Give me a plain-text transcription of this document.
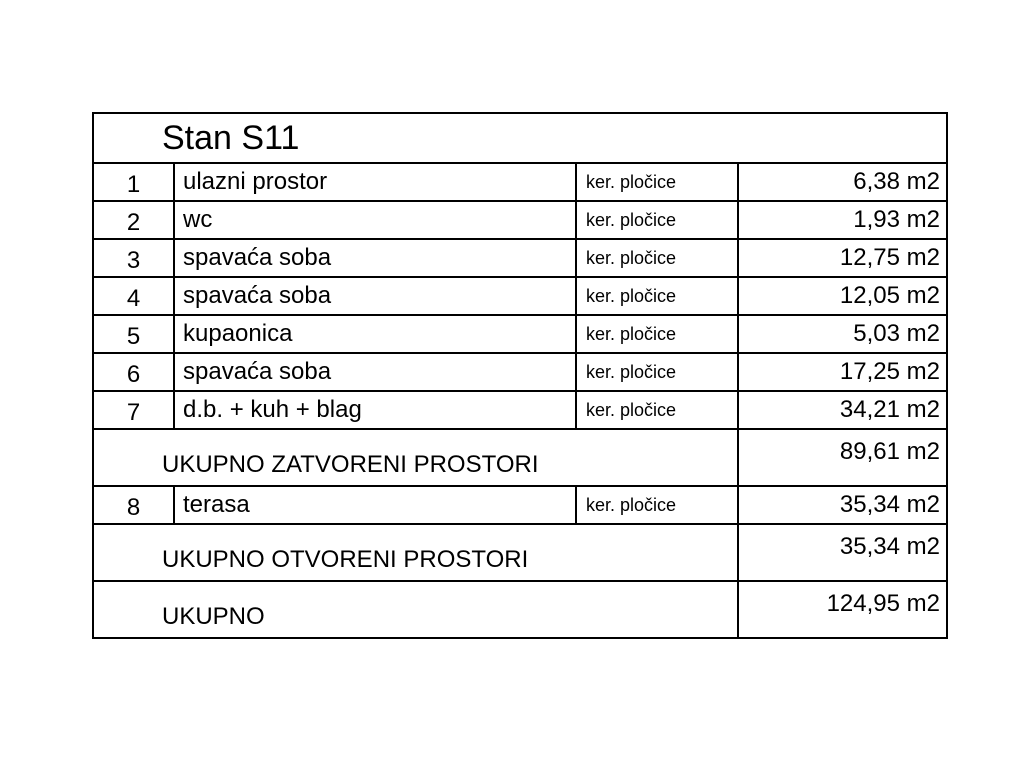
Stan S11			
1	ulazni prostor	ker. pločice	6,38 m2
2	wc	ker. pločice	1,93 m2
3	spavaća soba	ker. pločice	12,75 m2
4	spavaća soba	ker. pločice	12,05 m2
5	kupaonica	ker. pločice	5,03 m2
6	spavaća soba	ker. pločice	17,25 m2
7	d.b. + kuh + blag	ker. pločice	34,21 m2
UKUPNO ZATVORENI PROSTORI			89,61 m2
8	terasa	ker. pločice	35,34 m2
UKUPNO OTVORENI PROSTORI			35,34 m2
UKUPNO			124,95 m2
